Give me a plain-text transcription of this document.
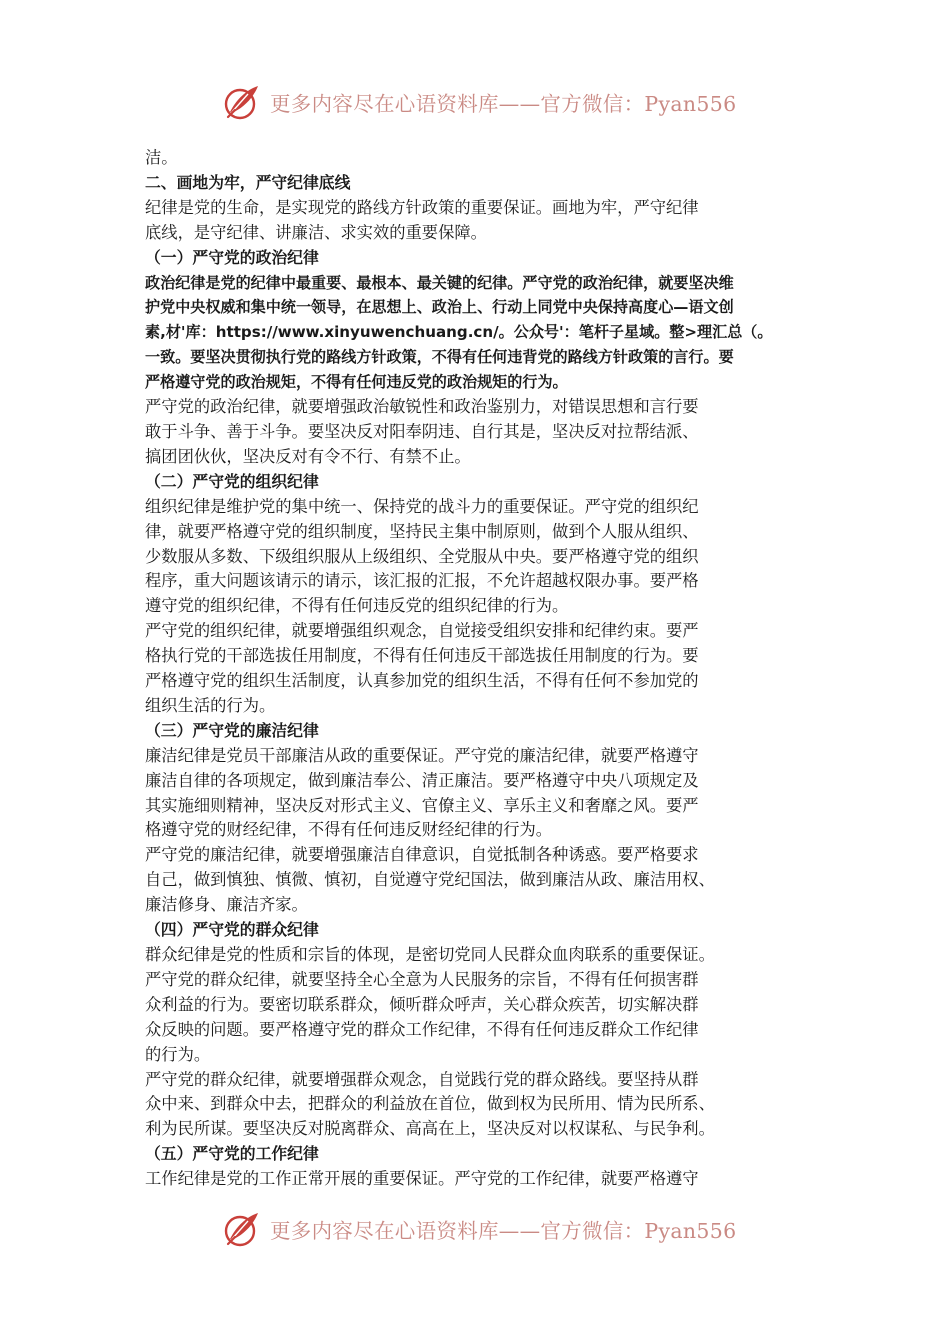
更多内容尽在心语资料库——官方微信：Pyan556
洁。
二、画地为牢，严守纪律底线
纪律是党的生命，是实现党的路线方针政策的重要保证。画地为牢，严守纪律
底线，是守纪律、讲廉洁、求实效的重要保障。
（一）严守党的政治纪律
政治纪律是党的纪律中最重要、最根本、最关键的纪律。严守党的政治纪律，就要坚决维
护党中央权威和集中统一领导，在思想上、政治上、行动上同党中央保持高度心—语文创
素,材'库：https://www.xinyuwenchuang.cn/。公众号'：笔杆子星域。整>理汇总（。
一致。要坚决贯彻执行党的路线方针政策，不得有任何违背党的路线方针政策的言行。要
严格遵守党的政治规矩，不得有任何违反党的政治规矩的行为。
严守党的政治纪律，就要增强政治敏锐性和政治鉴别力，对错误思想和言行要
敢于斗争、善于斗争。要坚决反对阳奉阴违、自行其是，坚决反对拉帮结派、
搞团团伙伙，坚决反对有令不行、有禁不止。
（二）严守党的组织纪律
组织纪律是维护党的集中统一、保持党的战斗力的重要保证。严守党的组织纪
律，就要严格遵守党的组织制度，坚持民主集中制原则，做到个人服从组织、
少数服从多数、下级组织服从上级组织、全党服从中央。要严格遵守党的组织
程序，重大问题该请示的请示，该汇报的汇报，不允许超越权限办事。要严格
遵守党的组织纪律，不得有任何违反党的组织纪律的行为。
严守党的组织纪律，就要增强组织观念，自觉接受组织安排和纪律约束。要严
格执行党的干部选拔任用制度，不得有任何违反干部选拔任用制度的行为。要
严格遵守党的组织生活制度，认真参加党的组织生活，不得有任何不参加党的
组织生活的行为。
（三）严守党的廉洁纪律
廉洁纪律是党员干部廉洁从政的重要保证。严守党的廉洁纪律，就要严格遵守
廉洁自律的各项规定，做到廉洁奉公、清正廉洁。要严格遵守中央八项规定及
其实施细则精神，坚决反对形式主义、官僚主义、享乐主义和奢靡之风。要严
格遵守党的财经纪律，不得有任何违反财经纪律的行为。
严守党的廉洁纪律，就要增强廉洁自律意识，自觉抵制各种诱惑。要严格要求
自己，做到慎独、慎微、慎初，自觉遵守党纪国法，做到廉洁从政、廉洁用权、
廉洁修身、廉洁齐家。
（四）严守党的群众纪律
群众纪律是党的性质和宗旨的体现，是密切党同人民群众血肉联系的重要保证。
严守党的群众纪律，就要坚持全心全意为人民服务的宗旨，不得有任何损害群
众利益的行为。要密切联系群众，倾听群众呼声，关心群众疾苦，切实解决群
众反映的问题。要严格遵守党的群众工作纪律，不得有任何违反群众工作纪律
的行为。
严守党的群众纪律，就要增强群众观念，自觉践行党的群众路线。要坚持从群
众中来、到群众中去，把群众的利益放在首位，做到权为民所用、情为民所系、
利为民所谋。要坚决反对脱离群众、高高在上，坚决反对以权谋私、与民争利。
（五）严守党的工作纪律
工作纪律是党的工作正常开展的重要保证。严守党的工作纪律，就要严格遵守
更多内容尽在心语资料库——官方微信：Pyan556
